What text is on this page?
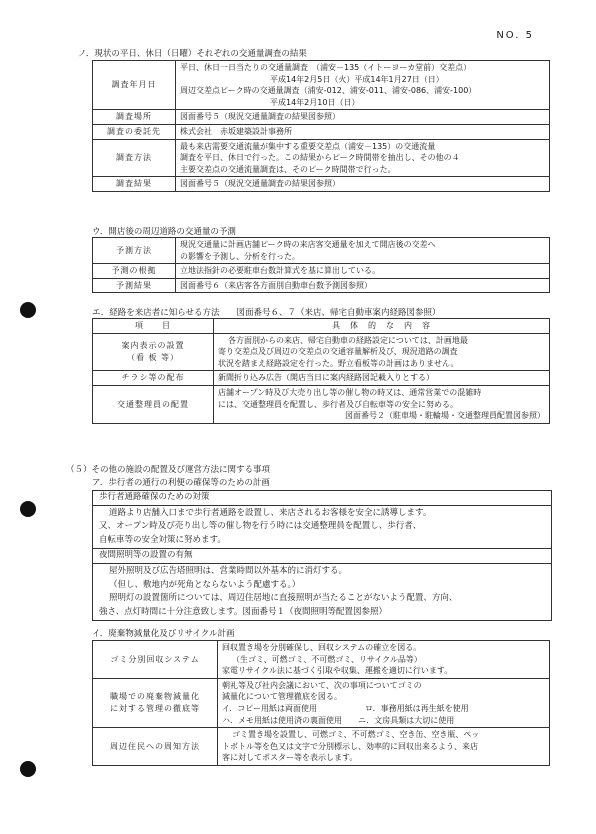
NO. 5
ノ．現状の平日、休日（日曜）それぞれの交通量調査の結果
調査年月日	平日、休日一日当たりの交通量調査　（浦安－135（イトーヨーカ堂前）交差点）
平成14年2月5日（火）平成14年1月27日（日）
周辺交差点ピーク時の交通量調査（浦安-012、浦安-011、浦安-086、浦安-100）
平成14年2月10日（日）

調査場所	図面番号５（現況交通量調査の結果図参照）

調査の委託先	株式会社　赤坂建築設計事務所

調査方法	最も来店需要交通流量が集中する重要交差点（浦安－135）の交通流量
調査を平日、休日で行った。この結果からピーク時間帯を抽出し、その他の４
主要交差点の交通流量調査は、そのピーク時間帯で行った。

調査結果	図面番号５（現況交通量調査の結果図参照）
ウ．開店後の周辺道路の交通量の予測
予測方法	現況交通量に計画店舗ピーク時の来店客交通量を加えて開店後の交差へ
の影響を予測し、分析を行った。

予測の根拠	立地法指針の必要駐車台数計算式を基に算出している。

予測結果	図面番号６（来店客各方面別自動車台数予測図参照）
エ．経路を来店者に知らせる方法　　図面番号６、７（来店、帰宅自動車案内経路図参照）
項　　目	具　体　的　な　内　容

案内表示の設置
（看 板 等）	各方面別からの来店、帰宅自動車の経路設定については、計画地最
寄り交差点及び周辺の交差点の交通容量解析及び、現況道路の調査
状況を踏まえ経路設定を行った。野立看板等の計画はありません。

チラシ等の配布	新聞折り込み広告（開店当日に案内経路図記載入りとする）

交通整理員の配置	店舗オープン時及び大売り出し等の催し物の時又は、通常営業での混雑時
には、交通整理員を配置し、歩行者及び自転車等の安全に努める。
図面番号２（駐車場・駐輪場・交通整理員配置図参照）
（５）その他の施設の配置及び運営方法に関する事項
ア．歩行者の通行の利便の確保等のための計画
歩行者通路確保のための対策
道路より店舗入口まで歩行者通路を設置し、来店されるお客様を安全に誘導します。
又、オープン時及び売り出し等の催し物を行う時には交通整理員を配置し、歩行者、
自転車等の安全対策に努めます。
夜間照明等の設置の有無
屋外照明及び広告塔照明は、営業時間以外基本的に消灯する。
（但し、敷地内が死角とならないよう配慮する。）
照明灯の設置箇所については、周辺住居地に直接照明が当たることがないよう配置、方向、
強さ、点灯時間に十分注意致します。図面番号１（夜間照明等配置図参照）
イ．廃棄物減量化及びリサイクル計画
ゴミ分別回収システム	回収置き場を分別確保し、回収システムの確立を図る。
（生ゴミ、可燃ゴミ、不可燃ゴミ、リサイクル品等）
家電リサイクル法に基づく引取や収集、運搬を適切に行います。

職場での廃棄物減量化
に対する管理の徹底等	朝礼等及び社内会議において、次の事項についてゴミの
減量化について管理徹底を図る。
イ．コピー用紙は両面使用　　　　　　ロ．事務用紙は再生紙を使用
ハ．メモ用紙は使用済の裏面使用　　ニ．文房具類は大切に使用

周辺住民への周知方法	ゴミ置き場を設置し、可燃ゴミ、不可燃ゴミ、空き缶、空き瓶、ペッ
トボトル等を色又は文字で分別標示し、効率的に回収出来るよう、来店
客に対してポスター等を表示します。
